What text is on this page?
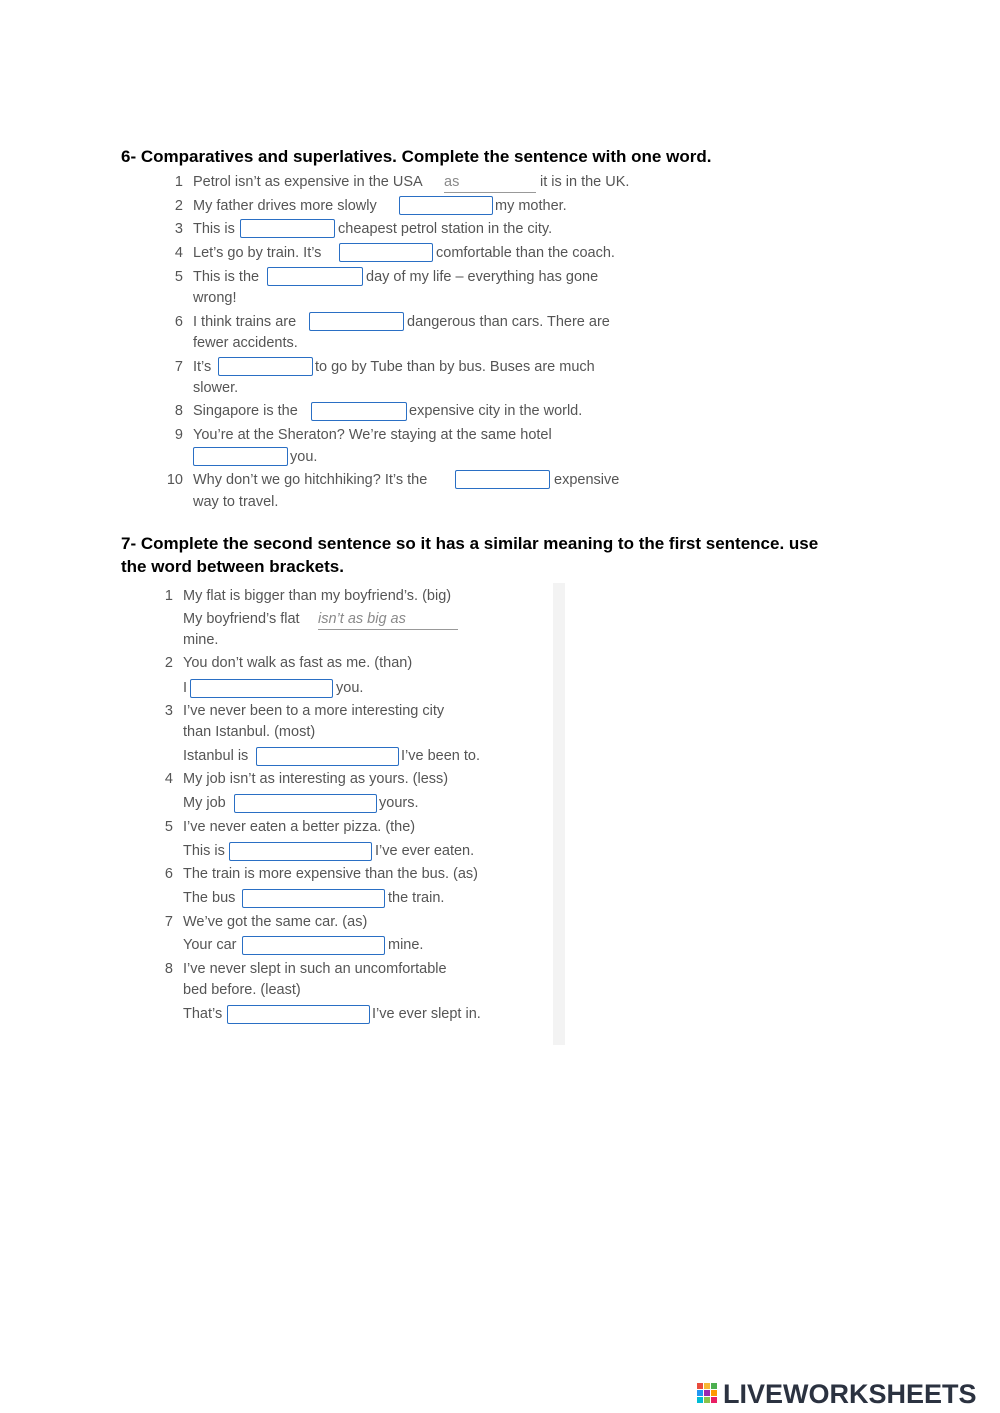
6- Comparatives and superlatives. Complete the sentence with one word.
1 Petrol isn’t as expensive in the USA as	it is in the UK.
2 My father drives more slowly	my mother.
3 This is	cheapest petrol station in the city.
4 Let’s go by train. It’s	comfortable than the coach.
5 This is the	day of my life – everything has gone
wrong!
6 I think trains are	dangerous than cars. There are
fewer accidents.
7 It’s	to go by Tube than by bus. Buses are much
slower.
8 Singapore is the	expensive city in the world.
9 You’re at the Sheraton? We’re staying at the same hotel
you.
10 Why don’t we go hitchhiking? It’s the	expensive
way to travel.
7- Complete the second sentence so it has a similar meaning to the first sentence. use
the word between brackets.
1 My flat is bigger than my boyfriend’s. (big)
My boyfriend’s flat isn’t as big as
mine.
2 You don’t walk as fast as me. (than)
I	you.
3 I’ve never been to a more interesting city
than Istanbul. (most)
Istanbul is	I’ve been to.
4 My job isn’t as interesting as yours. (less)
My job	yours.
5 I’ve never eaten a better pizza. (the)
This is	I’ve ever eaten.
6 The train is more expensive than the bus. (as)
The bus	the train.
7 We’ve got the same car. (as)
Your car	mine.
8 I’ve never slept in such an uncomfortable
bed before. (least)
That’s	I’ve ever slept in.
LIVEWORKSHEETS
